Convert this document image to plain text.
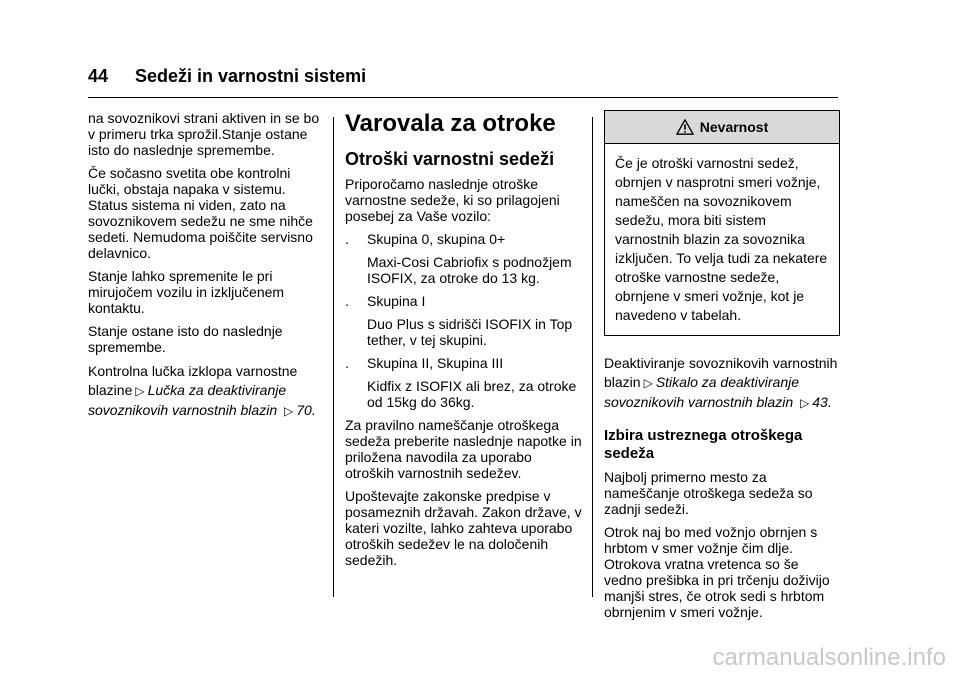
44 Sedeži in varnostni sistemi

na sovoznikovi strani aktiven in se bo v primeru trka sprožil.Stanje ostane isto do naslednje spremembe.

Če sočasno svetita obe kontrolni lučki, obstaja napaka v sistemu. Status sistema ni viden, zato na sovoznikovem sedežu ne sme nihče sedeti. Nemudoma poiščite servisno delavnico.

Stanje lahko spremenite le pri mirujočem vozilu in izključenem kontaktu.

Stanje ostane isto do naslednje spremembe.

Kontrolna lučka izklopa varnostne blazine ▷ Lučka za deaktiviranje sovoznikovih varnostnih blazin ▷ 70.

Varovala za otroke
Otroški varnostni sedeži

Priporočamo naslednje otroške varnostne sedeže, ki so prilagojeni posebej za Vaše vozilo:

. Skupina 0, skupina 0+

Maxi-Cosi Cabriofix s podnožjem ISOFIX, za otroke do 13 kg.

. Skupina I

Duo Plus s sidrišči ISOFIX in Top tether, v tej skupini.

. Skupina II, Skupina III

Kidfix z ISOFIX ali brez, za otroke od 15kg do 36kg.

Za pravilno nameščanje otroškega sedeža preberite naslednje napotke in priložena navodila za uporabo otroških varnostnih sedežev.

Upoštevajte zakonske predpise v posameznih državah. Zakon države, v kateri vozilte, lahko zahteva uporabo otroških sedežev le na določenih sedežih.

Nevarnost
Če je otroški varnostni sedež, obrnjen v nasprotni smeri vožnje, nameščen na sovoznikovem sedežu, mora biti sistem varnostnih blazin za sovoznika izključen. To velja tudi za nekatere otroške varnostne sedeže, obrnjene v smeri vožnje, kot je navedeno v tabelah.

Deaktiviranje sovoznikovih varnostnih blazin ▷ Stikalo za deaktiviranje sovoznikovih varnostnih blazin ▷ 43.

Izbira ustreznega otroškega sedeža

Najbolj primerno mesto za nameščanje otroškega sedeža so zadnji sedeži.

Otrok naj bo med vožnjo obrnjen s hrbtom v smer vožnje čim dlje. Otrokova vratna vretenca so še vedno prešibka in pri trčenju doživijo manjši stres, če otrok sedi s hrbtom obrnjenim v smeri vožnje.

carmanualsonline.info
